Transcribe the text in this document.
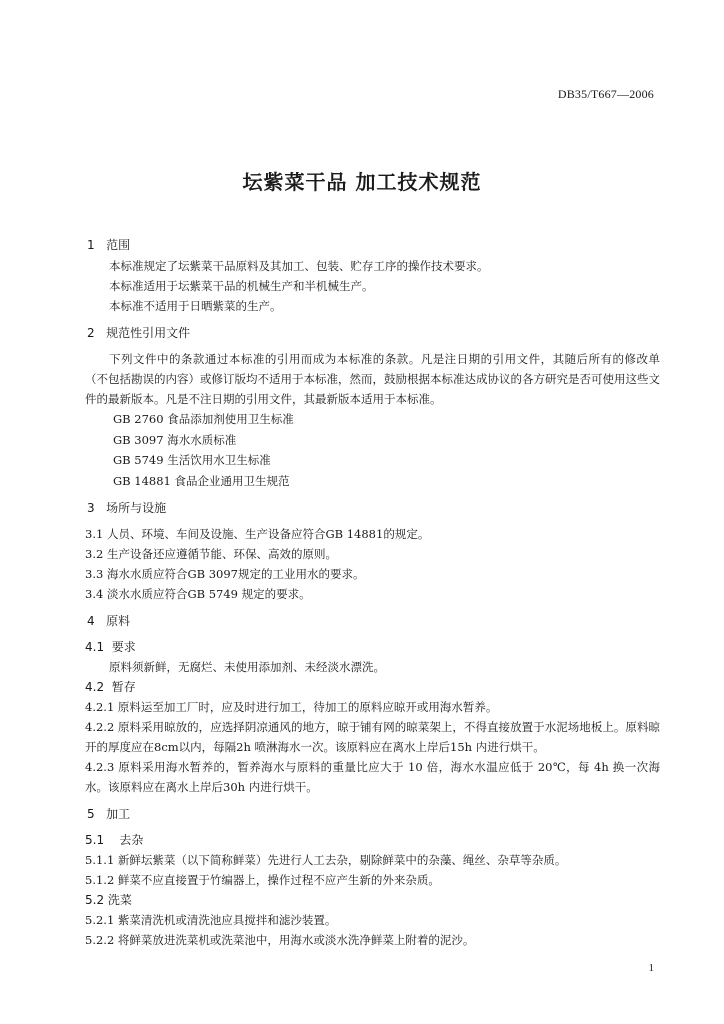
DB35/T667—2006
坛紫菜干品 加工技术规范
1   范围

本标准规定了坛紫菜干品原料及其加工、包装、贮存工序的操作技术要求。

本标准适用于坛紫菜干品的机械生产和半机械生产。

本标准不适用于日晒紫菜的生产。

2   规范性引用文件

下列文件中的条款通过本标准的引用而成为本标准的条款。凡是注日期的引用文件，其随后所有的修改单（不包括勘误的内容）或修订版均不适用于本标准，然而，鼓励根据本标准达成协议的各方研究是否可使用这些文件的最新版本。凡是不注日期的引用文件，其最新版本适用于本标准。

GB 2760 食品添加剂使用卫生标准

GB 3097 海水水质标准

GB 5749 生活饮用水卫生标准

GB 14881 食品企业通用卫生规范

3   场所与设施

3.1 人员、环境、车间及设施、生产设备应符合GB 14881的规定。

3.2 生产设备还应遵循节能、环保、高效的原则。

3.3 海水水质应符合GB 3097规定的工业用水的要求。

3.4 淡水水质应符合GB 5749 规定的要求。

4   原料
4.1  要求

原料须新鲜，无腐烂、未使用添加剂、未经淡水漂洗。

4.2  暂存

4.2.1 原料运至加工厂时，应及时进行加工，待加工的原料应晾开或用海水暂养。

4.2.2 原料采用晾放的，应选择阴凉通风的地方，晾于铺有网的晾菜架上，不得直接放置于水泥场地板上。原料晾开的厚度应在8cm以内，每隔2h 喷淋海水一次。该原料应在离水上岸后15h 内进行烘干。

4.2.3 原料采用海水暂养的，暂养海水与原料的重量比应大于 10 倍，海水水温应低于 20℃，每 4h 换一次海水。该原料应在离水上岸后30h 内进行烘干。

5   加工
5.1    去杂

5.1.1 新鲜坛紫菜（以下简称鲜菜）先进行人工去杂，剔除鲜菜中的杂藻、绳丝、杂草等杂质。

5.1.2 鲜菜不应直接置于竹编器上，操作过程不应产生新的外来杂质。

5.2 洗菜

5.2.1 紫菜清洗机或清洗池应具搅拌和滤沙装置。

5.2.2 将鲜菜放进洗菜机或洗菜池中，用海水或淡水洗净鲜菜上附着的泥沙。

1
